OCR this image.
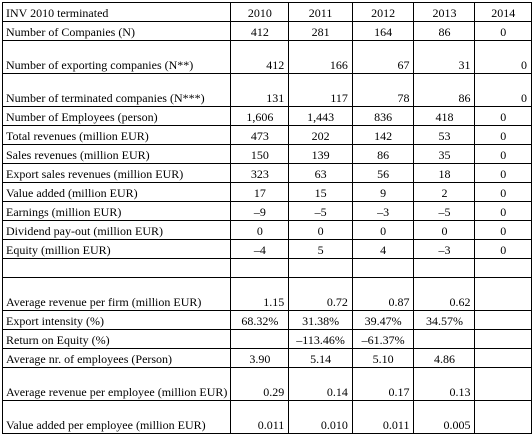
INV 2010 terminated	2010	2011	2012	2013	2014
Number of Companies (N)	412	281	164	86	0
Number of exporting companies (N**)	412	166	67	31	0
Number of terminated companies (N***)	131	117	78	86	0
Number of Employees (person)	1,606	1,443	836	418	0
Total revenues (million EUR)	473	202	142	53	0
Sales revenues (million EUR)	150	139	86	35	0
Export sales revenues (million EUR)	323	63	56	18	0
Value added (million EUR)	17	15	9	2	0
Earnings (million EUR)	–9	–5	–3	–5	0
Dividend pay-out (million EUR)	0	0	0	0	0
Equity (million EUR)	–4	5	4	–3	0

Average revenue per firm (million EUR)	1.15	0.72	0.87	0.62	
Export intensity (%)	68.32%	31.38%	39.47%	34.57%	
Return on Equity (%)		–113.46%	–61.37%		
Average nr. of employees (Person)	3.90	5.14	5.10	4.86	
Average revenue per employee (million EUR)	0.29	0.14	0.17	0.13	
Value added per employee (million EUR)	0.011	0.010	0.011	0.005	
